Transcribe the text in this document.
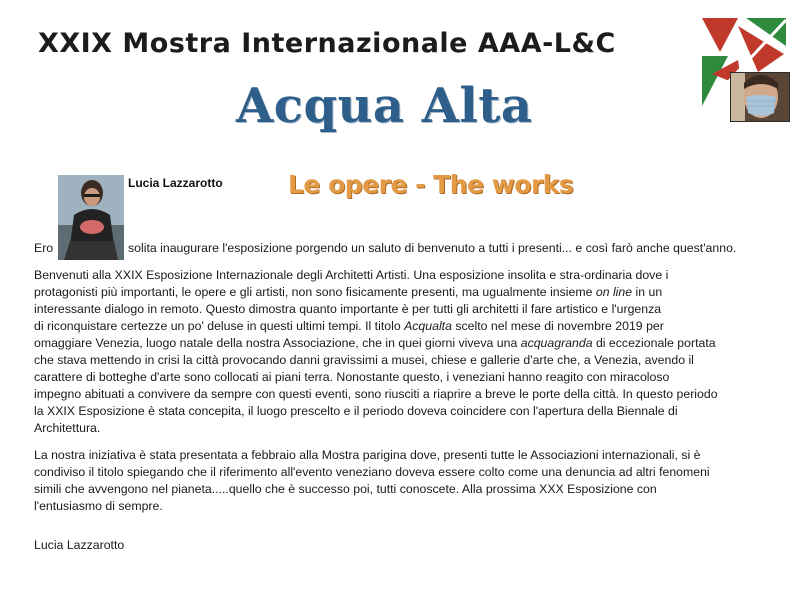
XXIX Mostra Internazionale AAA-L&C
Acqua Alta
Lucia Lazzarotto	Le opere - The works

Ero	solita inaugurare l'esposizione porgendo un saluto di benvenuto a tutti i presenti... e così farò anche quest'anno.

Benvenuti alla XXIX Esposizione Internazionale degli Architetti Artisti. Una esposizione insolita e stra-ordinaria dove i
protagonisti più importanti, le opere e gli artisti, non sono fisicamente presenti, ma ugualmente insieme on line in un
interessante dialogo in remoto. Questo dimostra quanto importante è per tutti gli architetti il fare artistico e l'urgenza
di riconquistare certezze un po' deluse in questi ultimi tempi. Il titolo Acqualta scelto nel mese di novembre 2019 per
omaggiare Venezia, luogo natale della nostra Associazione, che in quei giorni viveva una acquagranda di eccezionale portata
che stava mettendo in crisi la città provocando danni gravissimi a musei, chiese e gallerie d'arte che, a Venezia, avendo il
carattere di botteghe d'arte sono collocati ai piani terra. Nonostante questo, i veneziani hanno reagito con miracoloso
impegno abituati a convivere da sempre con questi eventi, sono riusciti a riaprire a breve le porte della città. In questo periodo
la XXIX Esposizione è stata concepita, il luogo prescelto e il periodo doveva coincidere con l'apertura della Biennale di
Architettura.

La nostra iniziativa è stata presentata a febbraio alla Mostra parigina dove, presenti tutte le Associazioni internazionali, si è
condiviso il titolo spiegando che il riferimento all'evento veneziano doveva essere colto come una denuncia ad altri fenomeni
simili che avvengono nel pianeta.....quello che è successo poi, tutti conoscete. Alla prossima XXX Esposizione con
l'entusiasmo di sempre.

Lucia Lazzarotto
